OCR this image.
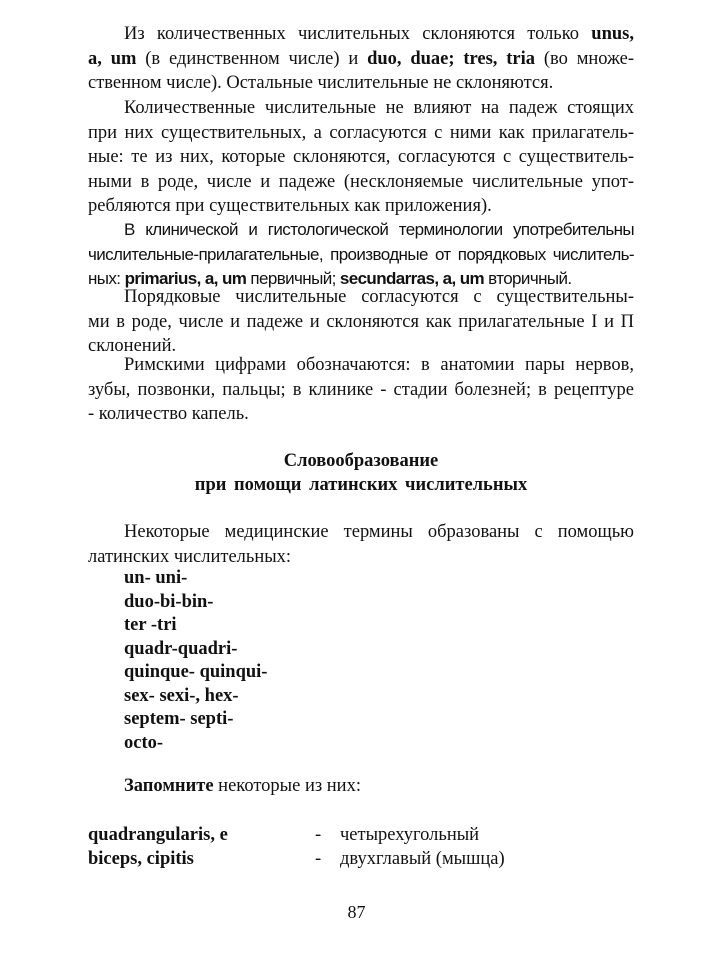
Из количественных числительных склоняются только unus,
a, um (в единственном числе) и duo, duae; tres, tria (во множе-
ственном числе). Остальные числительные не склоняются.
Количественные числительные не влияют на падеж стоящих
при них существительных, а согласуются с ними как прилагатель-
ные: те из них, которые склоняются, согласуются с существитель-
ными в роде, числе и падеже (несклоняемые числительные упот-
ребляются при существительных как приложения).
В клинической и гистологической терминологии употребительны
числительные-прилагательные, производные от порядковых числитель-
ных: primarius, a, um первичный; secundarras, a, um вторичный.
Порядковые числительные согласуются с существительны-
ми в роде, числе и падеже и склоняются как прилагательные I и П
склонений.
Римскими цифрами обозначаются: в анатомии пары нервов,
зубы, позвонки, пальцы; в клинике - стадии болезней; в рецептуре
- количество капель.
Словообразование
при помощи латинских числительных
Некоторые медицинские термины образованы с помощью
латинских числительных:
un- uni-
duo-bi-bin-
ter -tri
quadr-quadri-
quinque- quinqui-
sex- sexi-, hex-
septem- septi-
octo-
Запомните некоторые из них:
quadrangularis, e	- четырехугольный
biceps, cipitis	- двухглавый (мышца)
87
